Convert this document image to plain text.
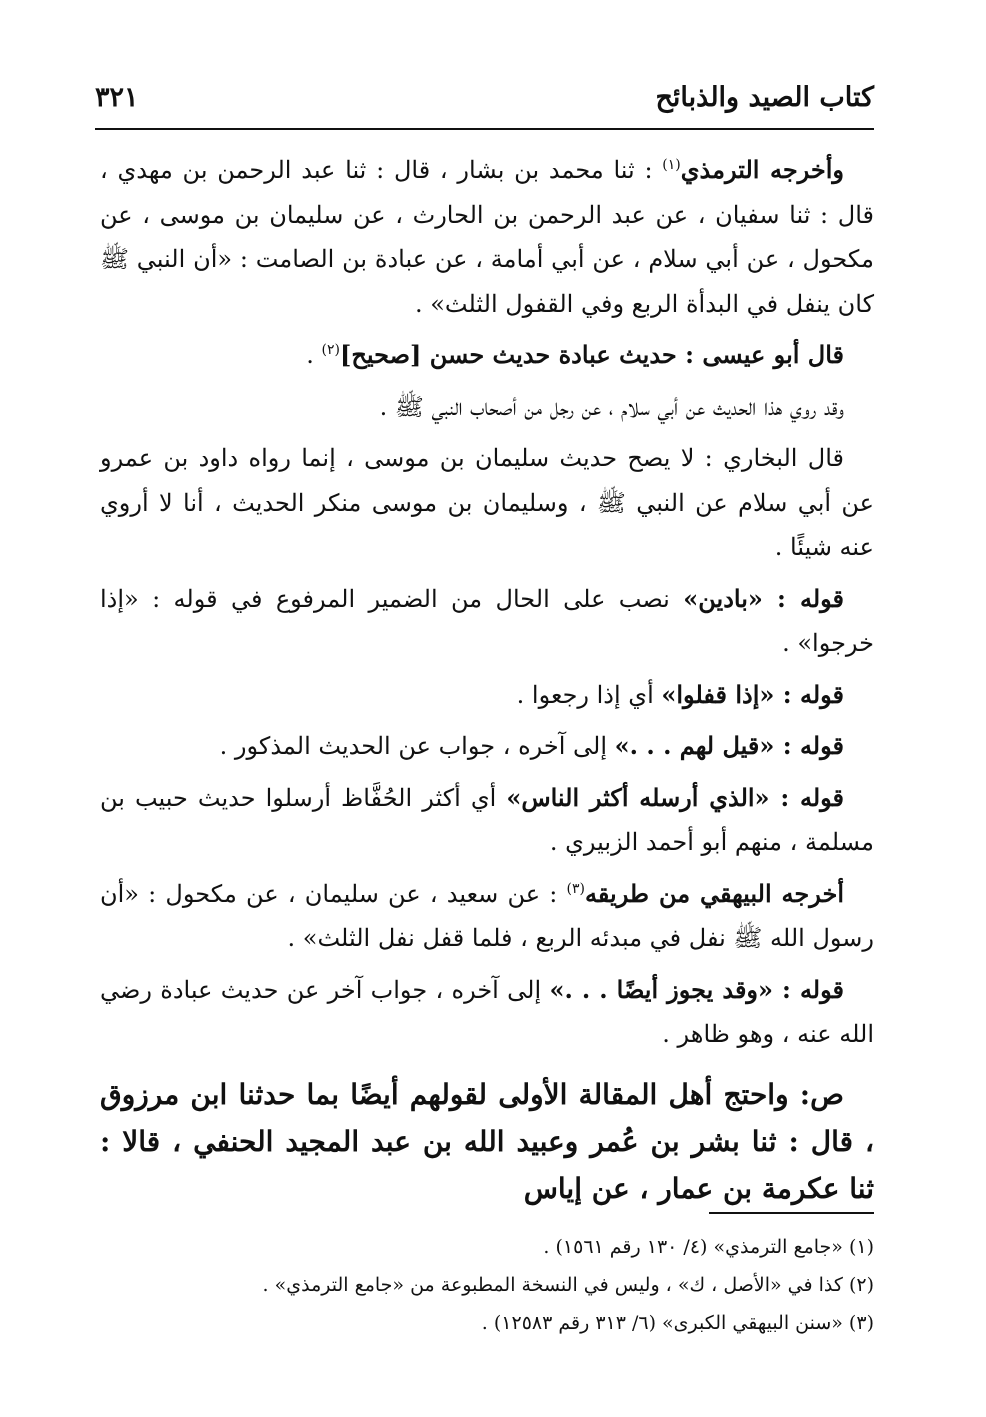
كتاب الصيد والذبائح
٣٢١

وأخرجه الترمذي$^{(١)}$ : ثنا محمد بن بشار ، قال : ثنا عبد الرحمن بن مهدي ، قال : ثنا سفيان ، عن عبد الرحمن بن الحارث ، عن سليمان بن موسى ، عن مكحول ، عن أبي سلام ، عن أبي أمامة ، عن عبادة بن الصامت : «أن النبي ﷺ كان ينفل في البدأة الربع وفي القفول الثلث» .

قال أبو عيسى : حديث عبادة حديث حسن [صحيح]$^{(٢)}$ .

وقد روي هذا الحديث عن أبي سلام ، عن رجل من أصحاب النبي ﷺ .

قال البخاري : لا يصح حديث سليمان بن موسى ، إنما رواه داود بن عمرو عن أبي سلام عن النبي ﷺ ، وسليمان بن موسى منكر الحديث ، أنا لا أروي عنه شيئًا .

قوله : «بادين» نصب على الحال من الضمير المرفوع في قوله : «إذا خرجوا» .

قوله : «إذا قفلوا» أي إذا رجعوا .

قوله : «قيل لهم . . .» إلى آخره ، جواب عن الحديث المذكور .

قوله : «الذي أرسله أكثر الناس» أي أكثر الحُفَّاظ أرسلوا حديث حبيب بن مسلمة ، منهم أبو أحمد الزبيري .

أخرجه البيهقي من طريقه$^{(٣)}$ : عن سعيد ، عن سليمان ، عن مكحول : «أن رسول الله ﷺ نفل في مبدئه الربع ، فلما قفل نفل الثلث» .

قوله : «وقد يجوز أيضًا . . .» إلى آخره ، جواب آخر عن حديث عبادة رضي الله عنه ، وهو ظاهر .

ص: واحتج أهل المقالة الأولى لقولهم أيضًا بما حدثنا ابن مرزوق ، قال : ثنا بشر بن عُمر وعبيد الله بن عبد المجيد الحنفي ، قالا : ثنا عكرمة بن عمار ، عن إياس

(١) «جامع الترمذي» (٤/ ١٣٠ رقم ١٥٦١) .

(٢) كذا في «الأصل ، ك» ، وليس في النسخة المطبوعة من «جامع الترمذي» .

(٣) «سنن البيهقي الكبرى» (٦/ ٣١٣ رقم ١٢٥٨٣) .
